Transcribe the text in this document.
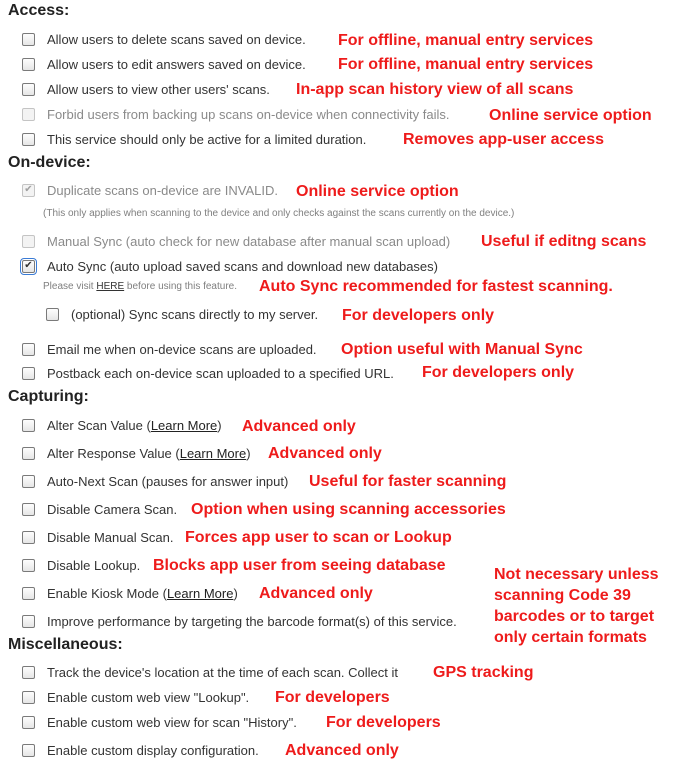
Access:
Allow users to delete scans saved on device. For offline, manual entry services
Allow users to edit answers saved on device. For offline, manual entry services
Allow users to view other users' scans. In-app scan history view of all scans
Forbid users from backing up scans on-device when connectivity fails. Online service option
This service should only be active for a limited duration. Removes app-user access
On-device:
✔ Duplicate scans on-device are INVALID. Online service option
(This only applies when scanning to the device and only checks against the scans currently on the device.)
Manual Sync (auto check for new database after manual scan upload) Useful if editng scans
✔ Auto Sync (auto upload saved scans and download new databases)
Please visit HERE before using this feature. Auto Sync recommended for fastest scanning.
(optional) Sync scans directly to my server. For developers only
Email me when on-device scans are uploaded. Option useful with Manual Sync
Postback each on-device scan uploaded to a specified URL. For developers only
Capturing:
Alter Scan Value (Learn More) Advanced only
Alter Response Value (Learn More) Advanced only
Auto-Next Scan (pauses for answer input) Useful for faster scanning
Disable Camera Scan. Option when using scanning accessories
Disable Manual Scan. Forces app user to scan or Lookup
Disable Lookup. Blocks app user from seeing database
Enable Kiosk Mode (Learn More) Advanced only
Improve performance by targeting the barcode format(s) of this service.
Not necessary unless
scanning Code 39
barcodes or to target
only certain formats
Miscellaneous:
Track the device's location at the time of each scan. Collect it GPS tracking
Enable custom web view "Lookup". For developers
Enable custom web view for scan "History". For developers
Enable custom display configuration. Advanced only
